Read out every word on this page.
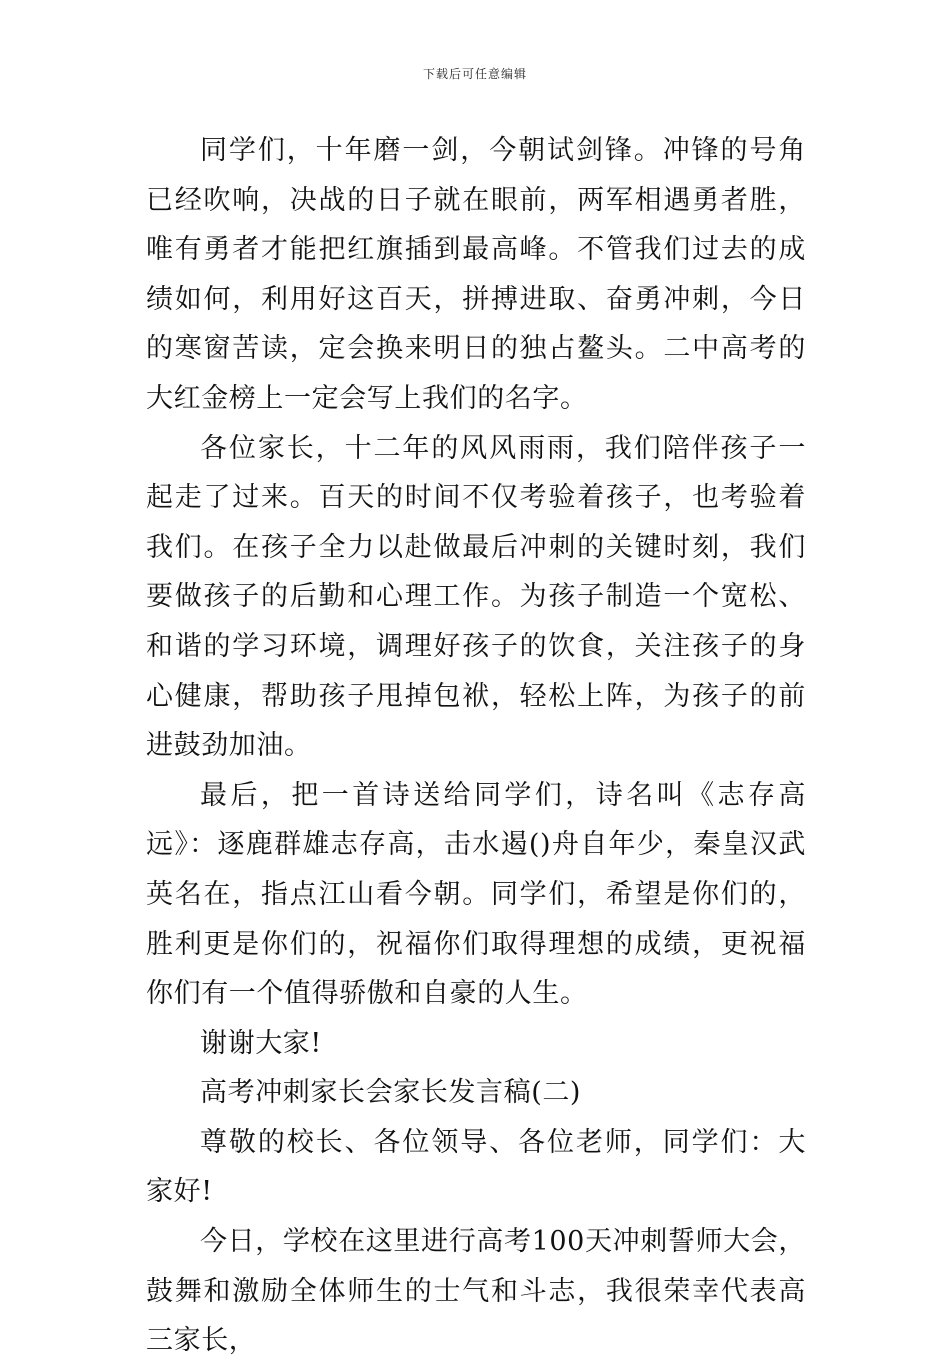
下载后可任意编辑

同学们，十年磨一剑，今朝试剑锋。冲锋的号角已经吹响，决战的日子就在眼前，两军相遇勇者胜，唯有勇者才能把红旗插到最高峰。不管我们过去的成绩如何，利用好这百天，拼搏进取、奋勇冲刺，今日的寒窗苦读，定会换来明日的独占鳌头。二中高考的大红金榜上一定会写上我们的名字。

各位家长，十二年的风风雨雨，我们陪伴孩子一起走了过来。百天的时间不仅考验着孩子，也考验着我们。在孩子全力以赴做最后冲刺的关键时刻，我们要做孩子的后勤和心理工作。为孩子制造一个宽松、和谐的学习环境，调理好孩子的饮食，关注孩子的身心健康，帮助孩子甩掉包袱，轻松上阵，为孩子的前进鼓劲加油。

最后，把一首诗送给同学们，诗名叫《志存高远》：逐鹿群雄志存高，击水遏()舟自年少，秦皇汉武英名在，指点江山看今朝。同学们，希望是你们的，胜利更是你们的，祝福你们取得理想的成绩，更祝福你们有一个值得骄傲和自豪的人生。

谢谢大家!

高考冲刺家长会家长发言稿(二)

尊敬的校长、各位领导、各位老师，同学们：大家好!

今日，学校在这里进行高考100天冲刺誓师大会，鼓舞和激励全体师生的士气和斗志，我很荣幸代表高三家长，
